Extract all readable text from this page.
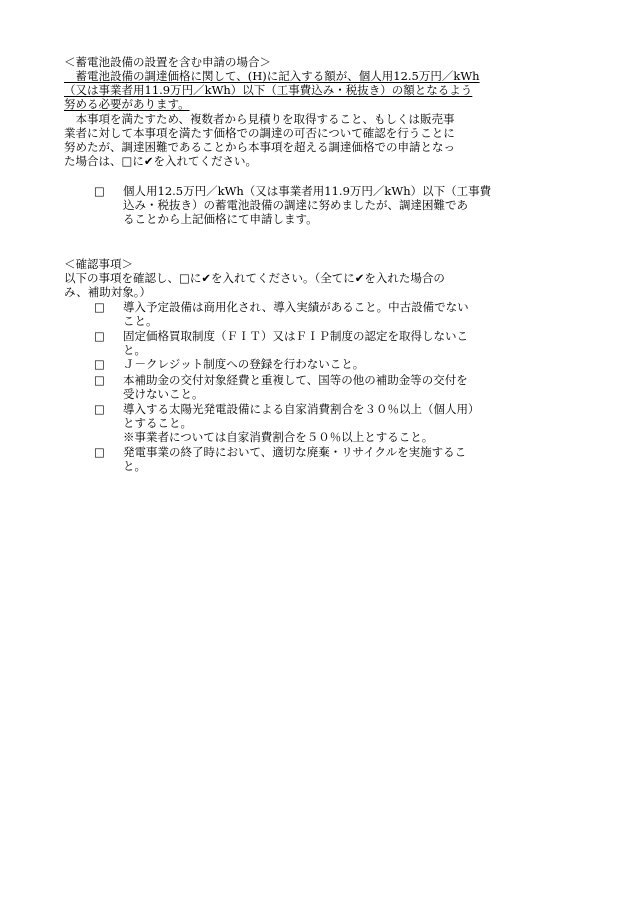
＜蓄電池設備の設置を含む申請の場合＞
　蓄電池設備の調達価格に関して、(H)に記入する額が、個人用12.5万円／kWh
（又は事業者用11.9万円／kWh）以下（工事費込み・税抜き）の額となるよう
努める必要があります。
　本事項を満たすため、複数者から見積りを取得すること、もしくは販売事
業者に対して本事項を満たす価格での調達の可否について確認を行うことに
努めたが、調達困難であることから本事項を超える調達価格での申請となっ
た場合は、□に✔を入れてください。
□ 個人用12.5万円／kWh（又は事業者用11.9万円／kWh）以下（工事費
込み・税抜き）の蓄電池設備の調達に努めましたが、調達困難であ
ることから上記価格にて申請します。
＜確認事項＞
以下の事項を確認し、□に✔を入れてください。（全てに✔を入れた場合の
み、補助対象。）
□ 導入予定設備は商用化され、導入実績があること。中古設備でない
こと。
□ 固定価格買取制度（ＦＩＴ）又はＦＩＰ制度の認定を取得しないこ
と。
□ Ｊ－クレジット制度への登録を行わないこと。
□ 本補助金の交付対象経費と重複して、国等の他の補助金等の交付を
受けないこと。
□ 導入する太陽光発電設備による自家消費割合を３０％以上（個人用）
とすること。
※事業者については自家消費割合を５０％以上とすること。
□ 発電事業の終了時において、適切な廃棄・リサイクルを実施するこ
と。
